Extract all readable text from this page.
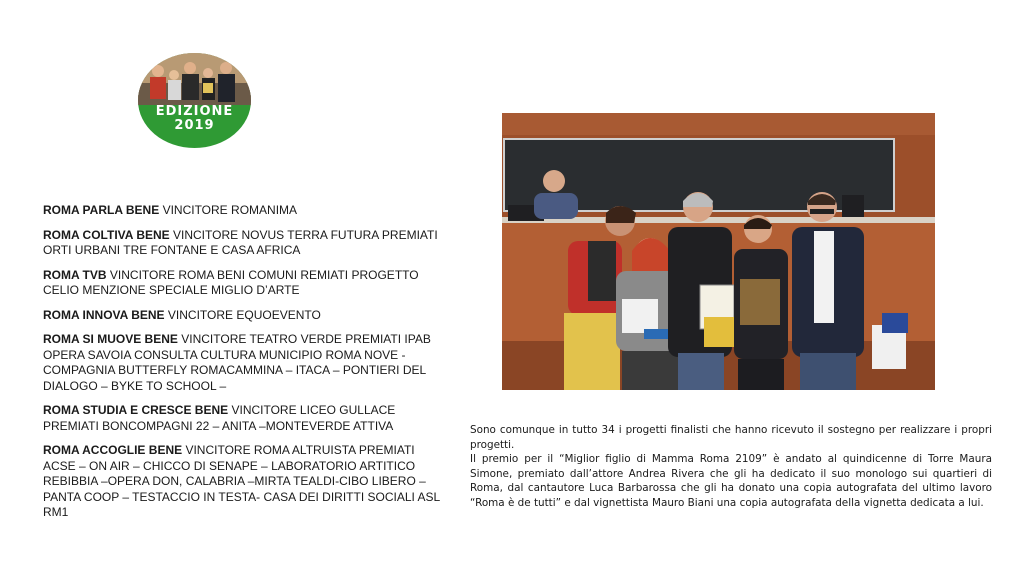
EDIZIONE
2019
ROMA PARLA BENE VINCITORE ROMANIMA
ROMA COLTIVA BENE VINCITORE NOVUS TERRA FUTURA PREMIATI ORTI URBANI TRE FONTANE E CASA AFRICA
ROMA TVB VINCITORE ROMA BENI COMUNI REMIATI PROGETTO CELIO MENZIONE SPECIALE MIGLIO D’ARTE
ROMA INNOVA BENE VINCITORE EQUOEVENTO
ROMA SI MUOVE BENE VINCITORE TEATRO VERDE PREMIATI IPAB OPERA SAVOIA CONSULTA CULTURA MUNICIPIO ROMA NOVE - COMPAGNIA BUTTERFLY ROMACAMMINA – ITACA – PONTIERI DEL DIALOGO – BYKE TO SCHOOL –
ROMA STUDIA E CRESCE BENE VINCITORE LICEO GULLACE PREMIATI BONCOMPAGNI 22 – ANITA –MONTEVERDE ATTIVA
ROMA ACCOGLIE BENE VINCITORE ROMA ALTRUISTA PREMIATI ACSE – ON AIR – CHICCO DI SENAPE – LABORATORIO ARTITICO REBIBBIA –OPERA DON, CALABRIA –MIRTA TEALDI-CIBO LIBERO –PANTA COOP – TESTACCIO IN TESTA- CASA DEI DIRITTI SOCIALI ASL RM1

Sono comunque in tutto 34 i progetti finalisti che hanno ricevuto il sostegno per realizzare i propri progetti.

Il premio per il “Miglior figlio di Mamma Roma 2109” è andato al quindicenne di Torre Maura Simone, premiato dall’attore Andrea Rivera che gli ha dedicato il suo monologo sui quartieri di Roma, dal cantautore Luca Barbarossa che gli ha donato una copia autografata del ultimo lavoro “Roma è de tutti” e dal vignettista Mauro Biani una copia autografata della vignetta dedicata a lui.
